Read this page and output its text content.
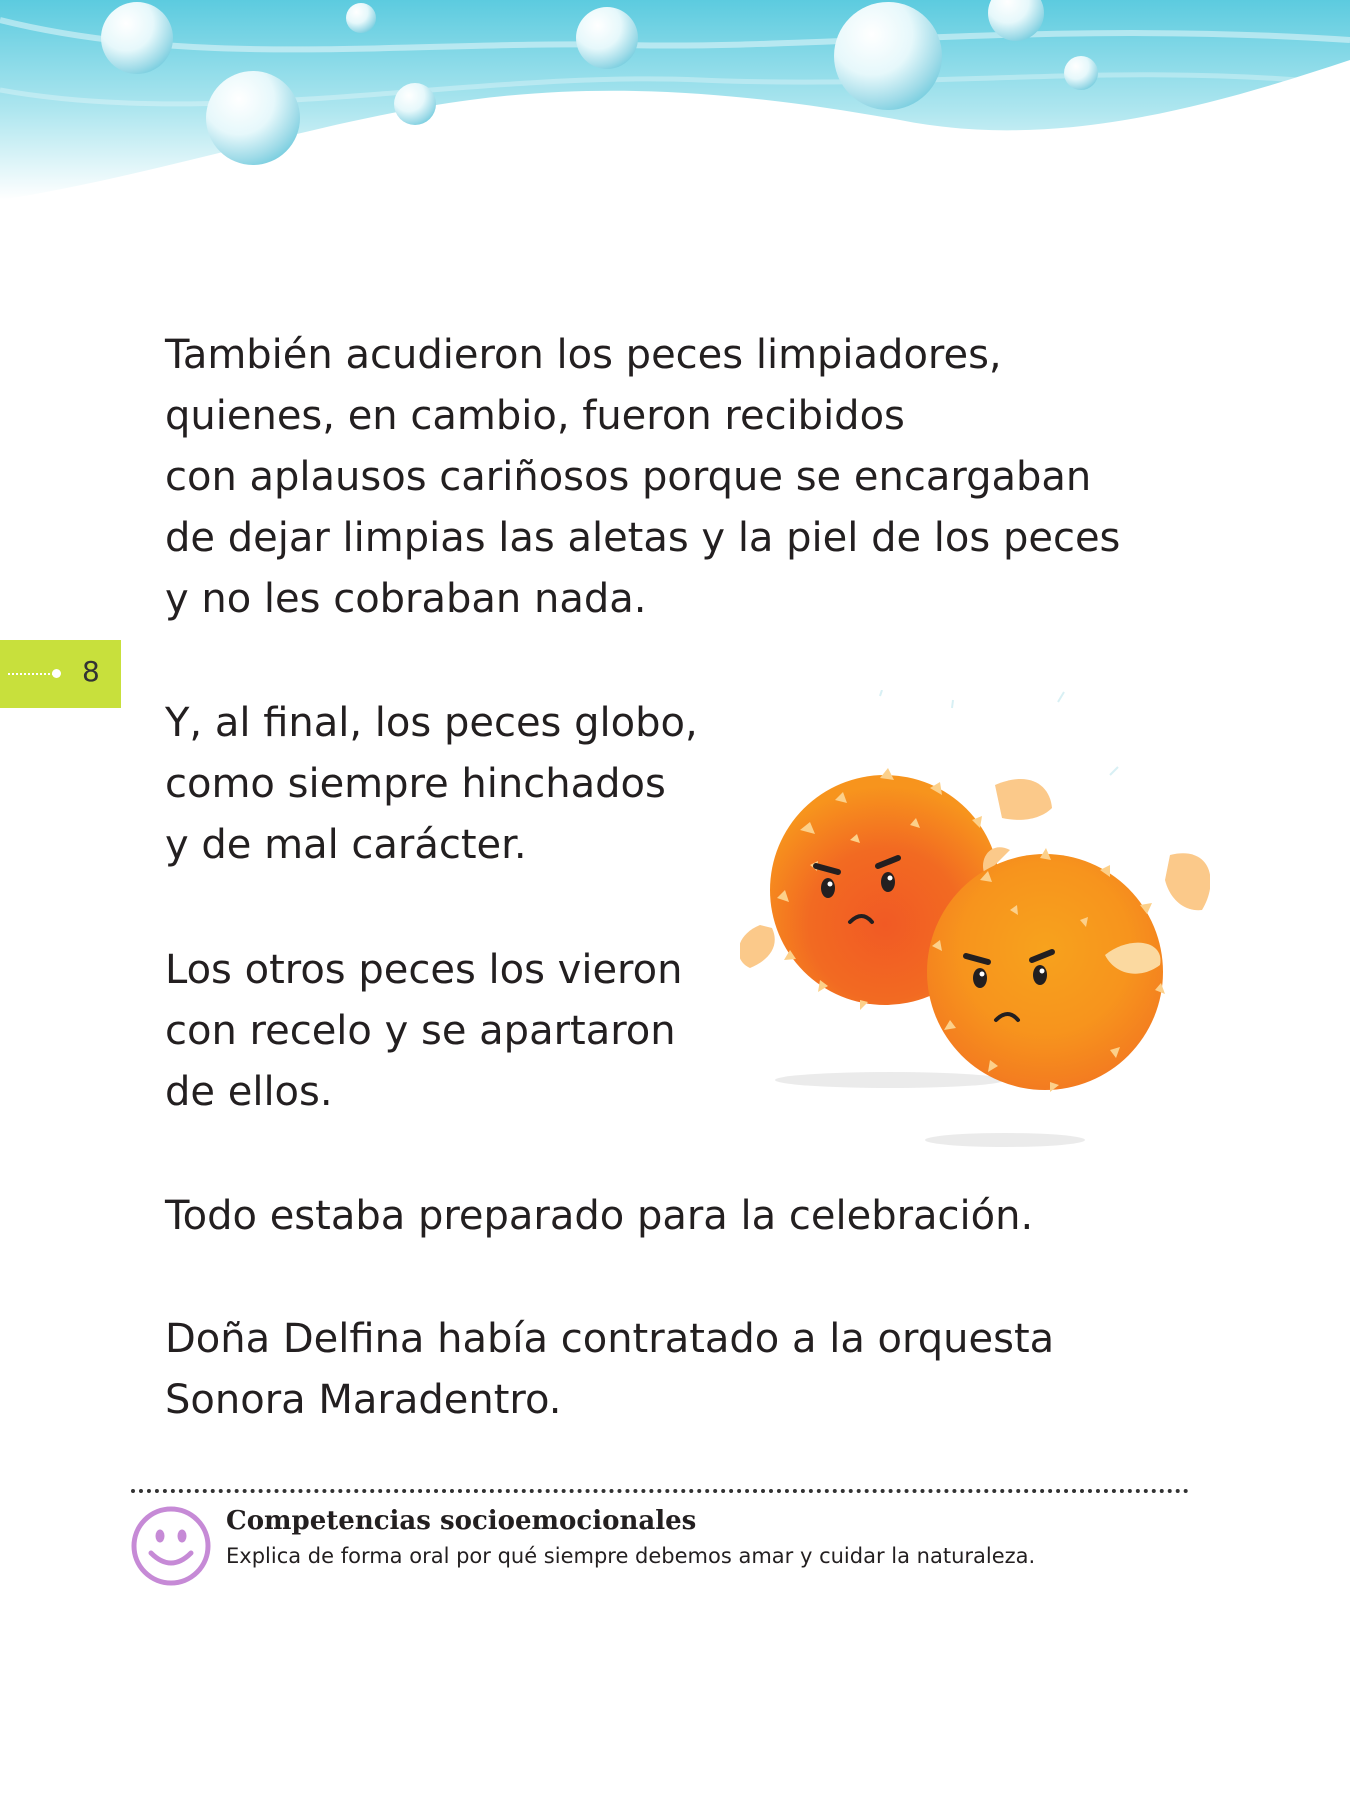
8

También acudieron los peces limpiadores,
quienes, en cambio, fueron recibidos
con aplausos cariñosos porque se encargaban
de dejar limpias las aletas y la piel de los peces
y no les cobraban nada.

Y, al final, los peces globo,
como siempre hinchados
y de mal carácter.

Los otros peces los vieron
con recelo y se apartaron
de ellos.

Todo estaba preparado para la celebración.

Doña Delfina había contratado a la orquesta
Sonora Maradentro.

Competencias socioemocionales
Explica de forma oral por qué siempre debemos amar y cuidar la naturaleza.
